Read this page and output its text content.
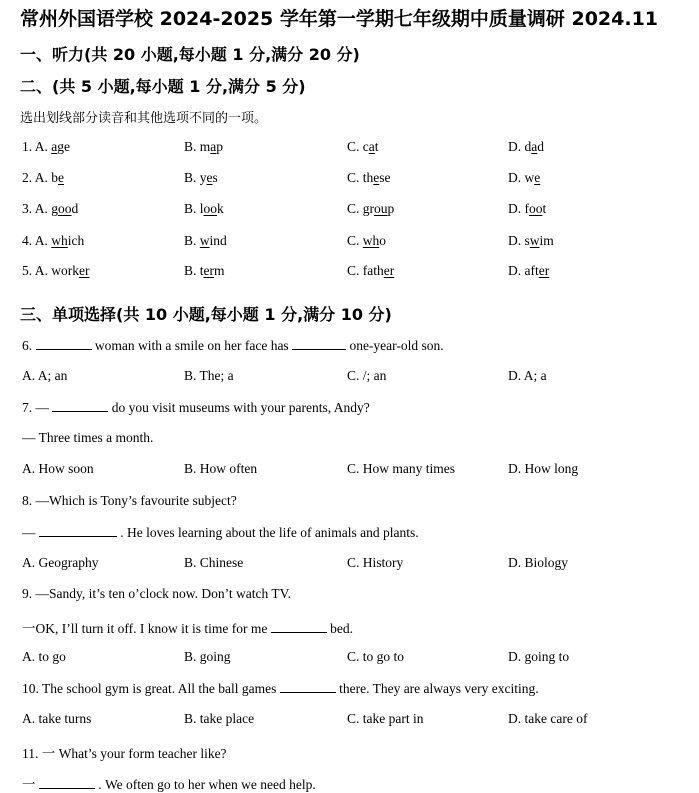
常州外国语学校 2024-2025 学年第一学期七年级期中质量调研 2024.11
一、听力(共 20 小题,每小题 1 分,满分 20 分)
二、(共 5 小题,每小题 1 分,满分 5 分)
选出划线部分读音和其他选项不同的一项。
1. A. age	B. map	C. cat	D. dad
2. A. be	B. yes	C. these	D. we
3. A. good	B. look	C. group	D. foot
4. A. which	B. wind	C. who	D. swim
5. A. worker	B. term	C. father	D. after
三、单项选择(共 10 小题,每小题 1 分,满分 10 分)
6.	woman with a smile on her face has	one-year-old son.
A. A; an	B. The; a	C. /; an	D. A; a
7. —	do you visit museums with your parents, Andy?
— Three times a month.
A. How soon	B. How often	C. How many times	D. How long
8. —Which is Tony’s favourite subject?
—	. He loves learning about the life of animals and plants.
A. Geography	B. Chinese	C. History	D. Biology
9. —Sandy, it’s ten o’clock now. Don’t watch TV.
一OK, I’ll turn it off. I know it is time for me	bed.
A. to go	B. going	C. to go to	D. going to
10. The school gym is great. All the ball games	there. They are always very exciting.
A. take turns	B. take place	C. take part in	D. take care of
11. 一 What’s your form teacher like?
一	. We often go to her when we need help.
